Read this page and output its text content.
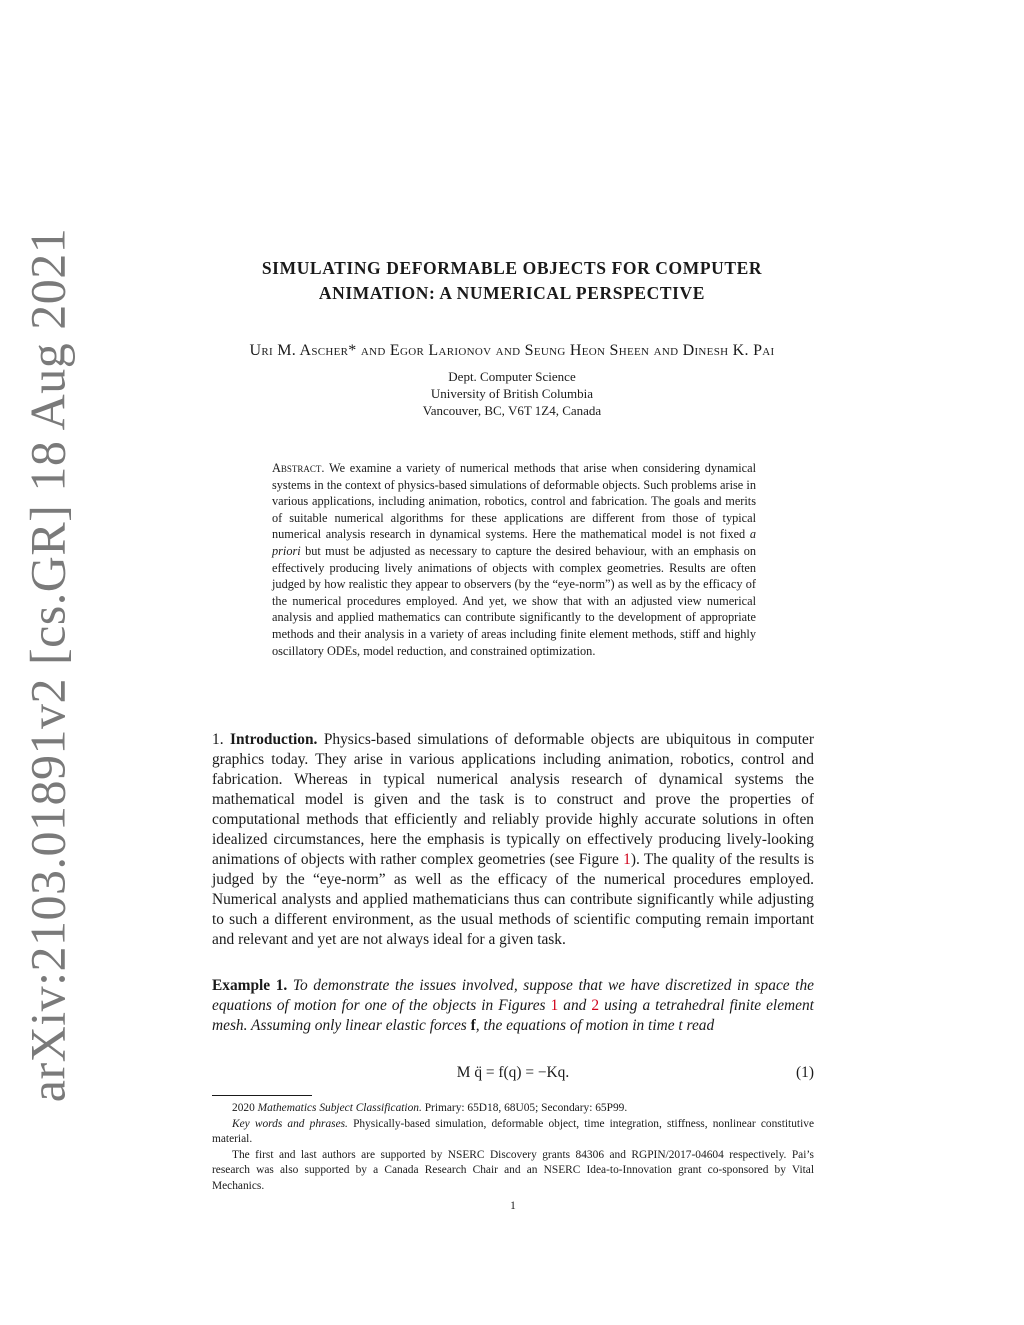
arXiv:2103.01891v2 [cs.GR] 18 Aug 2021	SIMULATING DEFORMABLE OBJECTS FOR COMPUTER
ANIMATION: A NUMERICAL PERSPECTIVE
Uri M. Ascher* and Egor Larionov and Seung Heon Sheen and Dinesh K. Pai
Dept. Computer Science
University of British Columbia
Vancouver, BC, V6T 1Z4, Canada
Abstract. We examine a variety of numerical methods that arise when considering dynamical systems in the context of physics-based simulations of deformable objects. Such problems arise in various applications, including animation, robotics, control and fabrication. The goals and merits of suitable numerical algorithms for these applications are different from those of typical numerical analysis research in dynamical systems. Here the mathematical model is not fixed a priori but must be adjusted as necessary to capture the desired behaviour, with an emphasis on effectively producing lively animations of objects with complex geometries. Results are often judged by how realistic they appear to observers (by the “eye-norm”) as well as by the efficacy of the numerical procedures employed. And yet, we show that with an adjusted view numerical analysis and applied mathematics can contribute significantly to the development of appropriate methods and their analysis in a variety of areas including finite element methods, stiff and highly oscillatory ODEs, model reduction, and constrained optimization.
1. Introduction. Physics-based simulations of deformable objects are ubiquitous in computer graphics today. They arise in various applications including animation, robotics, control and fabrication. Whereas in typical numerical analysis research of dynamical systems the mathematical model is given and the task is to construct and prove the properties of computational methods that efficiently and reliably provide highly accurate solutions in often idealized circumstances, here the emphasis is typically on effectively producing lively-looking animations of objects with rather complex geometries (see Figure 1). The quality of the results is judged by the “eye-norm” as well as the efficacy of the numerical procedures employed. Numerical analysts and applied mathematicians thus can contribute significantly while adjusting to such a different environment, as the usual methods of scientific computing remain important and relevant and yet are not always ideal for a given task.
Example 1. To demonstrate the issues involved, suppose that we have discretized in space the equations of motion for one of the objects in Figures 1 and 2 using a tetrahedral finite element mesh. Assuming only linear elastic forces f, the equations of motion in time t read
M q̈ = f(q) = −Kq.	(1)

2020 Mathematics Subject Classification. Primary: 65D18, 68U05; Secondary: 65P99.

Key words and phrases. Physically-based simulation, deformable object, time integration, stiffness, nonlinear constitutive material.

The first and last authors are supported by NSERC Discovery grants 84306 and RGPIN/2017-04604 respectively. Pai’s research was also supported by a Canada Research Chair and an NSERC Idea-to-Innovation grant co-sponsored by Vital Mechanics.

1
